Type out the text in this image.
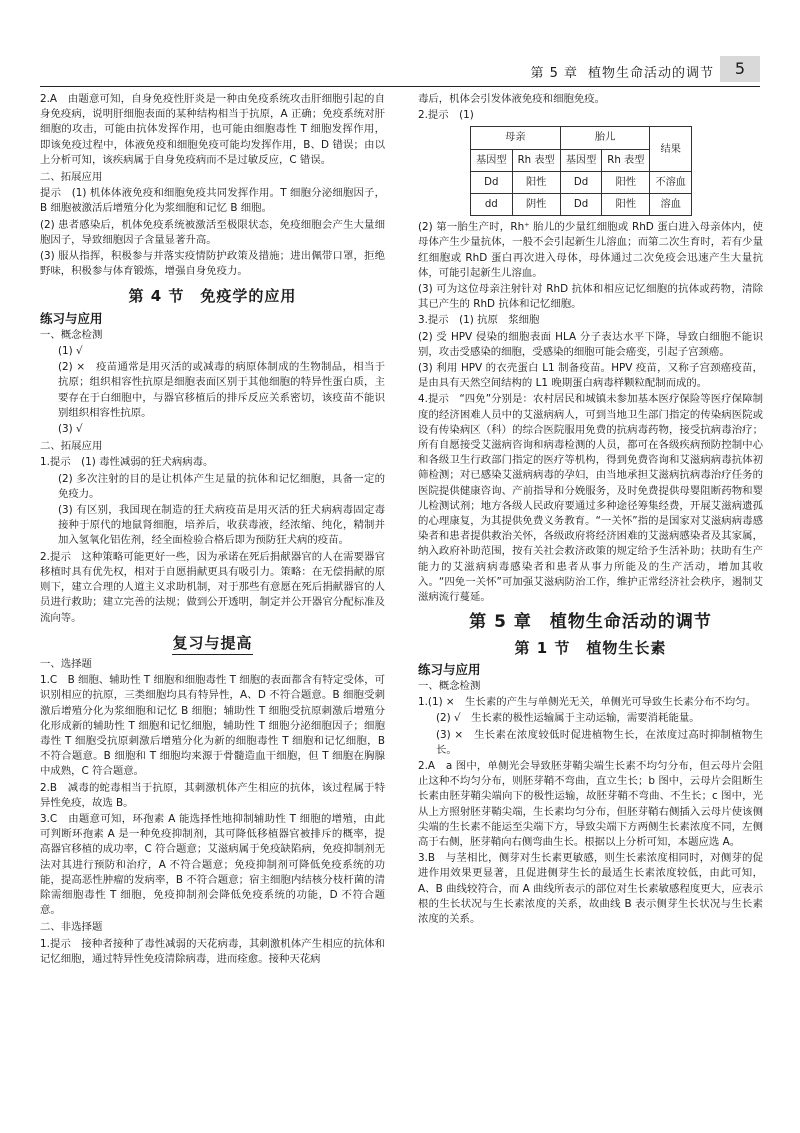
第 5 章 植物生命活动的调节	5

2.A　由题意可知，自身免疫性肝炎是一种由免疫系统攻击肝细胞引起的自身免疫病，说明肝细胞表面的某种结构相当于抗原，A 正确；免疫系统对肝细胞的攻击，可能由抗体发挥作用，也可能由细胞毒性 T 细胞发挥作用，即该免疫过程中，体液免疫和细胞免疫可能均发挥作用，B、D 错误；由以上分析可知，该疾病属于自身免疫病而不是过敏反应，C 错误。

二、拓展应用

提示　(1) 机体体液免疫和细胞免疫共同发挥作用。T 细胞分泌细胞因子，B 细胞被激活后增殖分化为浆细胞和记忆 B 细胞。

(2) 患者感染后，机体免疫系统被激活至极限状态，免疫细胞会产生大量细胞因子，导致细胞因子含量显著升高。

(3) 服从指挥，积极参与并落实疫情防护政策及措施；进出佩带口罩，拒绝野味，积极参与体育锻炼，增强自身免疫力。

第 4 节　免疫学的应用
练习与应用

一、概念检测

(1) √

(2) ×　疫苗通常是用灭活的或减毒的病原体制成的生物制品，相当于抗原；组织相容性抗原是细胞表面区别于其他细胞的特异性蛋白质，主要存在于白细胞中，与器官移植后的排斥反应关系密切，该疫苗不能识别组织相容性抗原。

(3) √

二、拓展应用

1.提示　(1) 毒性减弱的狂犬病病毒。

(2) 多次注射的目的是让机体产生足量的抗体和记忆细胞，具备一定的免疫力。

(3) 有区别，我国现在制造的狂犬病疫苗是用灭活的狂犬病病毒固定毒接种于原代的地鼠肾细胞，培养后，收获毒液，经浓缩、纯化，精制并加入氢氧化铝佐剂，经全面检验合格后即为预防狂犬病的疫苗。

2.提示　这种策略可能更好一些，因为承诺在死后捐献器官的人在需要器官移植时具有优先权，相对于自愿捐献更具有吸引力。策略：在无偿捐献的原则下，建立合理的人道主义求助机制，对于那些有意愿在死后捐献器官的人员进行救助；建立完善的法规；做到公开透明，制定并公开器官分配标准及流向等。

复习与提高

一、选择题

1.C　B 细胞、辅助性 T 细胞和细胞毒性 T 细胞的表面都含有特定受体，可识别相应的抗原，三类细胞均具有特异性，A、D 不符合题意。B 细胞受刺激后增殖分化为浆细胞和记忆 B 细胞；辅助性 T 细胞受抗原刺激后增殖分化形成新的辅助性 T 细胞和记忆细胞，辅助性 T 细胞分泌细胞因子；细胞毒性 T 细胞受抗原刺激后增殖分化为新的细胞毒性 T 细胞和记忆细胞，B 不符合题意。B 细胞和 T 细胞均来源于骨髓造血干细胞，但 T 细胞在胸腺中成熟，C 符合题意。

2.B　减毒的蛇毒相当于抗原，其刺激机体产生相应的抗体，该过程属于特异性免疫，故选 B。

3.C　由题意可知，环孢素 A 能选择性地抑制辅助性 T 细胞的增殖，由此可判断环孢素 A 是一种免疫抑制剂，其可降低移植器官被排斥的概率，提高器官移植的成功率，C 符合题意；艾滋病属于免疫缺陷病，免疫抑制剂无法对其进行预防和治疗，A 不符合题意；免疫抑制剂可降低免疫系统的功能，提高恶性肿瘤的发病率，B 不符合题意；宿主细胞内结核分枝杆菌的清除需细胞毒性 T 细胞，免疫抑制剂会降低免疫系统的功能，D 不符合题意。

二、非选择题

1.提示　接种者接种了毒性减弱的天花病毒，其刺激机体产生相应的抗体和记忆细胞，通过特异性免疫清除病毒，进而痊愈。接种天花病

毒后，机体会引发体液免疫和细胞免疫。

2.提示　(1)

母亲		胎儿		结果
基因型	Rh 表型	基因型	Rh 表型	
Dd	阳性	Dd	阳性	不溶血
dd	阴性	Dd	阳性	溶血

(2) 第一胎生产时，Rh⁺ 胎儿的少量红细胞或 RhD 蛋白进入母亲体内，使母体产生少量抗体，一般不会引起新生儿溶血；而第二次生育时，若有少量红细胞或 RhD 蛋白再次进入母体，母体通过二次免疫会迅速产生大量抗体，可能引起新生儿溶血。

(3) 可为这位母亲注射针对 RhD 抗体和相应记忆细胞的抗体或药物，清除其已产生的 RhD 抗体和记忆细胞。

3.提示　(1) 抗原　浆细胞

(2) 受 HPV 侵染的细胞表面 HLA 分子表达水平下降，导致白细胞不能识别，攻击受感染的细胞，受感染的细胞可能会癌变，引起子宫颈癌。

(3) 利用 HPV 的衣壳蛋白 L1 制备疫苗。HPV 疫苗，又称子宫颈癌疫苗，是由具有天然空间结构的 L1 晚期蛋白病毒样颗粒配制而成的。

4.提示　“四免”分别是：农村居民和城镇未参加基本医疗保险等医疗保障制度的经济困难人员中的艾滋病病人，可到当地卫生部门指定的传染病医院或设有传染病区（科）的综合医院服用免费的抗病毒药物，接受抗病毒治疗；所有自愿接受艾滋病咨询和病毒检测的人员，都可在各级疾病预防控制中心和各级卫生行政部门指定的医疗等机构，得到免费咨询和艾滋病病毒抗体初筛检测；对已感染艾滋病病毒的孕妇，由当地承担艾滋病抗病毒治疗任务的医院提供健康咨询、产前指导和分娩服务，及时免费提供母婴阻断药物和婴儿检测试剂；地方各级人民政府要通过多种途径筹集经费，开展艾滋病遗孤的心理康复，为其提供免费义务教育。“一关怀”指的是国家对艾滋病病毒感染者和患者提供救治关怀，各级政府将经济困难的艾滋病感染者及其家属，纳入政府补助范围，按有关社会救济政策的规定给予生活补助；扶助有生产能力的艾滋病病毒感染者和患者从事力所能及的生产活动，增加其收入。“四免一关怀”可加强艾滋病防治工作，维护正常经济社会秩序，遏制艾滋病流行蔓延。

第 5 章　植物生命活动的调节
第 1 节　植物生长素
练习与应用

一、概念检测

1.(1) ×　生长素的产生与单侧光无关，单侧光可导致生长素分布不均匀。

(2) √　生长素的极性运输属于主动运输，需要消耗能量。

(3) ×　生长素在浓度较低时促进植物生长，在浓度过高时抑制植物生长。

2.A　a 图中，单侧光会导致胚芽鞘尖端生长素不均匀分布，但云母片会阻止这种不均匀分布，则胚芽鞘不弯曲，直立生长；b 图中，云母片会阻断生长素由胚芽鞘尖端向下的极性运输，故胚芽鞘不弯曲、不生长；c 图中，光从上方照射胚芽鞘尖端，生长素均匀分布，但胚芽鞘右侧插入云母片使该侧尖端的生长素不能运至尖端下方，导致尖端下方两侧生长素浓度不同，左侧高于右侧，胚芽鞘向右侧弯曲生长。根据以上分析可知，本题应选 A。

3.B　与茎相比，侧芽对生长素更敏感，则生长素浓度相同时，对侧芽的促进作用效果更显著，且促进侧芽生长的最适生长素浓度较低，由此可知，A、B 曲线较符合，而 A 曲线所表示的部位对生长素敏感程度更大，应表示根的生长状况与生长素浓度的关系，故曲线 B 表示侧芽生长状况与生长素浓度的关系。
